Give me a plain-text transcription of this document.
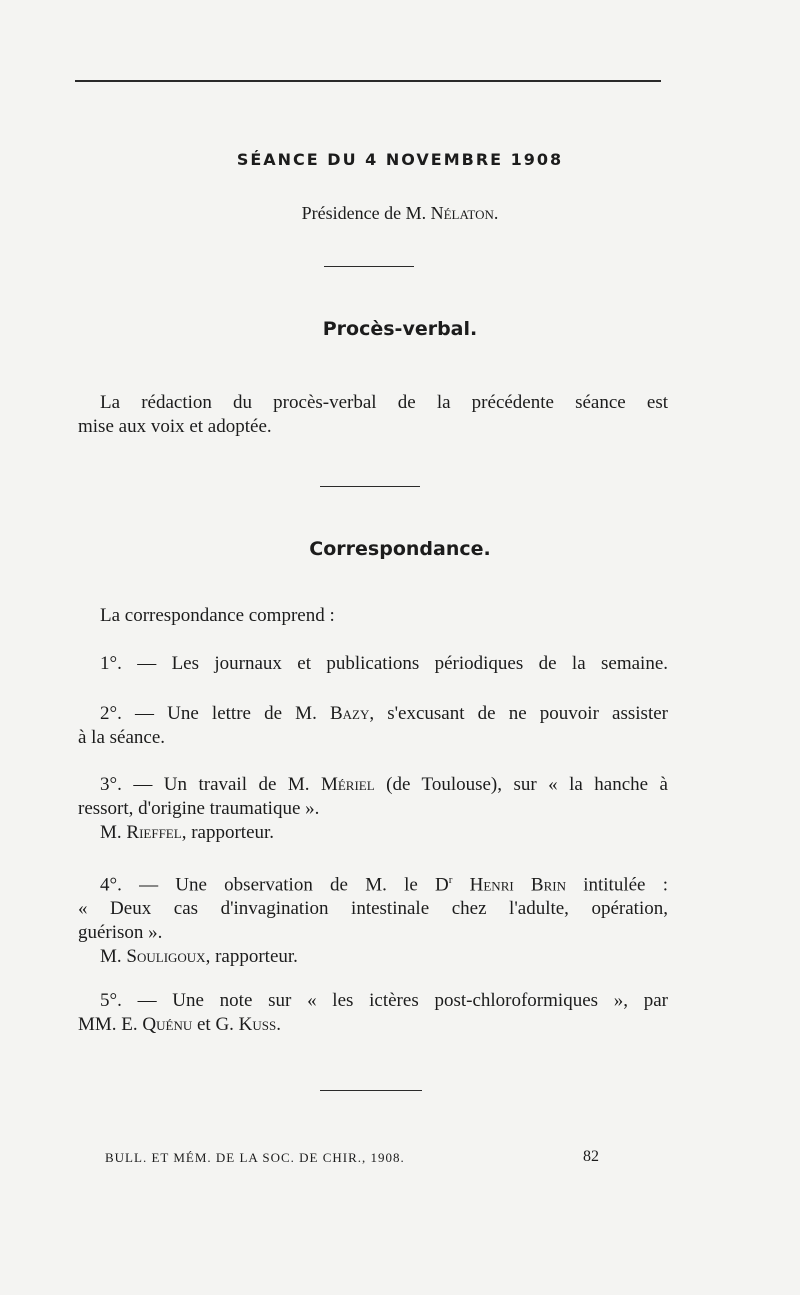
SÉANCE DU 4 NOVEMBRE 1908
Présidence de M. Nélaton.
Procès-verbal.
La rédaction du procès-verbal de la précédente séance est
mise aux voix et adoptée.
Correspondance.
La correspondance comprend :
1°. — Les journaux et publications périodiques de la semaine.
2°. — Une lettre de M. Bazy, s'excusant de ne pouvoir assister
à la séance.
3°. — Un travail de M. Mériel (de Toulouse), sur « la hanche à
ressort, d'origine traumatique ».
M. Rieffel, rapporteur.
4°. — Une observation de M. le $D^r$ Henri Brin intitulée :
« Deux cas d'invagination intestinale chez l'adulte, opération,
guérison ».
M. Souligoux, rapporteur.
5°. — Une note sur « les ictères post-chloroformiques », par
MM. E. Quénu et G. Kuss.
BULL. ET MÉM. DE LA SOC. DE CHIR., 1908.	82
